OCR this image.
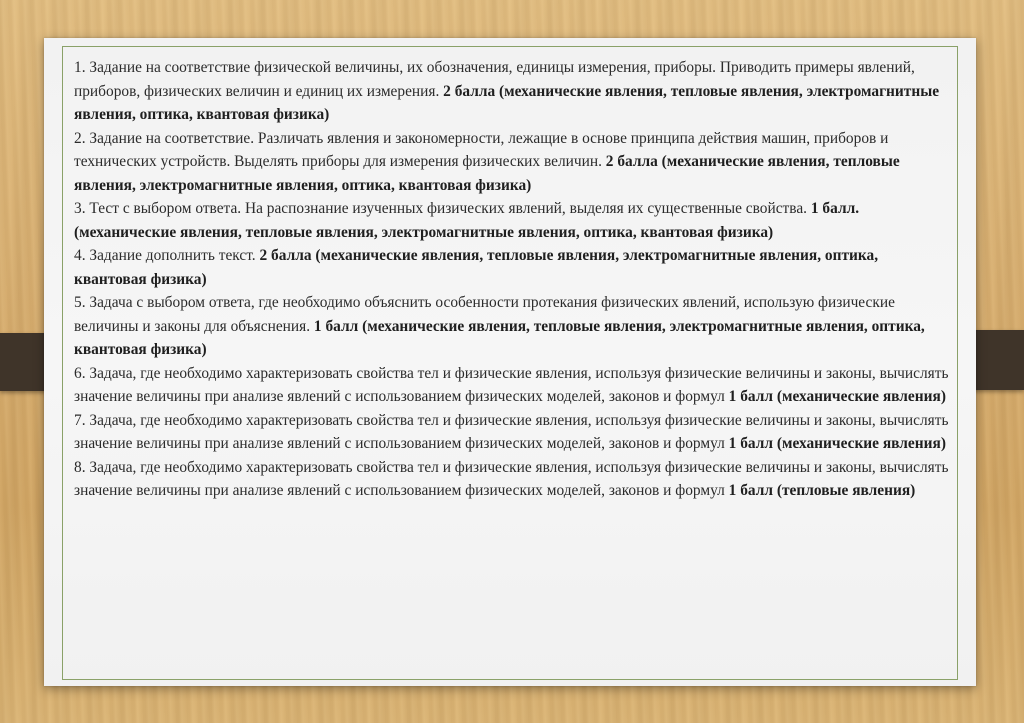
1. Задание на соответствие физической величины, их обозначения, единицы измерения, приборы. Приводить примеры явлений, приборов, физических величин и единиц их измерения. 2 балла (механические явления, тепловые явления, электромагнитные явления, оптика, квантовая физика)

2. Задание на соответствие. Различать явления и закономерности, лежащие в основе принципа действия машин, приборов и технических устройств. Выделять приборы для измерения физических величин. 2 балла (механические явления, тепловые явления, электромагнитные явления, оптика, квантовая физика)

3. Тест с выбором ответа. На распознание изученных физических явлений, выделяя их существенные свойства. 1 балл.
(механические явления, тепловые явления, электромагнитные явления, оптика, квантовая физика)

4. Задание дополнить текст. 2 балла (механические явления, тепловые явления, электромагнитные явления, оптика, квантовая физика)

5. Задача с выбором ответа, где необходимо объяснить особенности протекания физических явлений, использую физические величины и законы для объяснения. 1 балл (механические явления, тепловые явления, электромагнитные явления, оптика, квантовая физика)

6. Задача, где необходимо характеризовать свойства тел и физические явления, используя физические величины и законы, вычислять значение величины при анализе явлений с использованием физических моделей, законов и формул 1 балл (механические явления)

7. Задача, где необходимо характеризовать свойства тел и физические явления, используя физические величины и законы, вычислять значение величины при анализе явлений с использованием физических моделей, законов и формул 1 балл (механические явления)

8. Задача, где необходимо характеризовать свойства тел и физические явления, используя физические величины и законы, вычислять значение величины при анализе явлений с использованием физических моделей, законов и формул 1 балл (тепловые явления)
